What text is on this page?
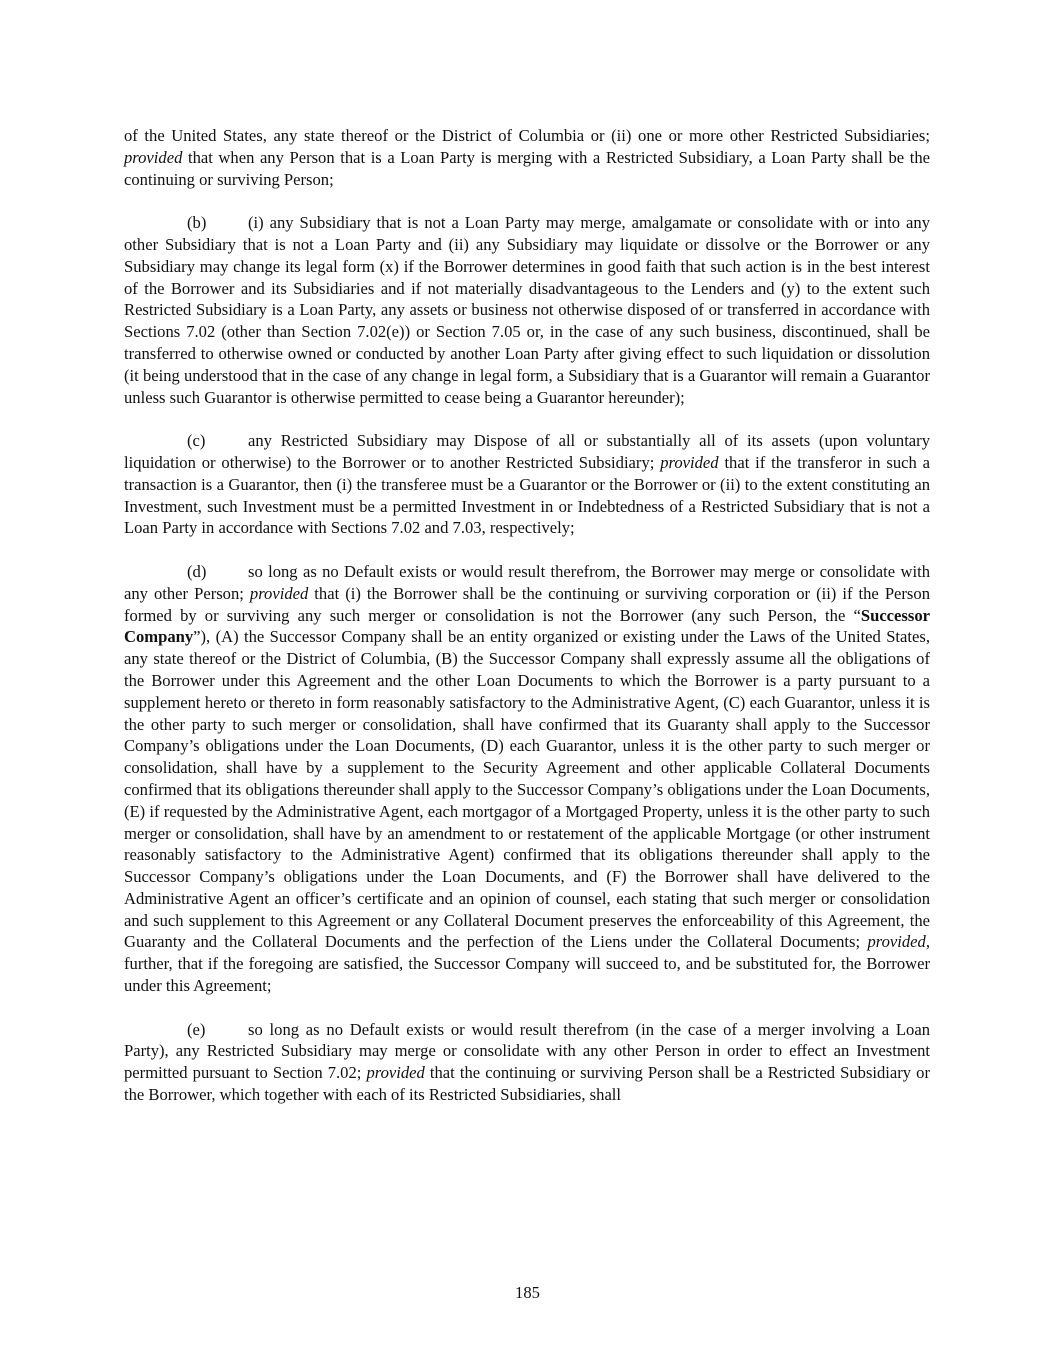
of the United States, any state thereof or the District of Columbia or (ii) one or more other Restricted Subsidiaries; provided that when any Person that is a Loan Party is merging with a Restricted Subsidiary, a Loan Party shall be the continuing or surviving Person;

(b)	(i) any Subsidiary that is not a Loan Party may merge, amalgamate or consolidate with or into any other Subsidiary that is not a Loan Party and (ii) any Subsidiary may liquidate or dissolve or the Borrower or any Subsidiary may change its legal form (x) if the Borrower determines in good faith that such action is in the best interest of the Borrower and its Subsidiaries and if not materially disadvantageous to the Lenders and (y) to the extent such Restricted Subsidiary is a Loan Party, any assets or business not otherwise disposed of or transferred in accordance with Sections 7.02 (other than Section 7.02(e)) or Section 7.05 or, in the case of any such business, discontinued, shall be transferred to otherwise owned or conducted by another Loan Party after giving effect to such liquidation or dissolution (it being understood that in the case of any change in legal form, a Subsidiary that is a Guarantor will remain a Guarantor unless such Guarantor is otherwise permitted to cease being a Guarantor hereunder);

(c)	any Restricted Subsidiary may Dispose of all or substantially all of its assets (upon voluntary liquidation or otherwise) to the Borrower or to another Restricted Subsidiary; provided that if the transferor in such a transaction is a Guarantor, then (i) the transferee must be a Guarantor or the Borrower or (ii) to the extent constituting an Investment, such Investment must be a permitted Investment in or Indebtedness of a Restricted Subsidiary that is not a Loan Party in accordance with Sections 7.02 and 7.03, respectively;

(d)	so long as no Default exists or would result therefrom, the Borrower may merge or consolidate with any other Person; provided that (i) the Borrower shall be the continuing or surviving corporation or (ii) if the Person formed by or surviving any such merger or consolidation is not the Borrower (any such Person, the “Successor Company”), (A) the Successor Company shall be an entity organized or existing under the Laws of the United States, any state thereof or the District of Columbia, (B) the Successor Company shall expressly assume all the obligations of the Borrower under this Agreement and the other Loan Documents to which the Borrower is a party pursuant to a supplement hereto or thereto in form reasonably satisfactory to the Administrative Agent, (C) each Guarantor, unless it is the other party to such merger or consolidation, shall have confirmed that its Guaranty shall apply to the Successor Company’s obligations under the Loan Documents, (D) each Guarantor, unless it is the other party to such merger or consolidation, shall have by a supplement to the Security Agreement and other applicable Collateral Documents confirmed that its obligations thereunder shall apply to the Successor Company’s obligations under the Loan Documents, (E) if requested by the Administrative Agent, each mortgagor of a Mortgaged Property, unless it is the other party to such merger or consolidation, shall have by an amendment to or restatement of the applicable Mortgage (or other instrument reasonably satisfactory to the Administrative Agent) confirmed that its obligations thereunder shall apply to the Successor Company’s obligations under the Loan Documents, and (F) the Borrower shall have delivered to the Administrative Agent an officer’s certificate and an opinion of counsel, each stating that such merger or consolidation and such supplement to this Agreement or any Collateral Document preserves the enforceability of this Agreement, the Guaranty and the Collateral Documents and the perfection of the Liens under the Collateral Documents; provided, further, that if the foregoing are satisfied, the Successor Company will succeed to, and be substituted for, the Borrower under this Agreement;

(e)	so long as no Default exists or would result therefrom (in the case of a merger involving a Loan Party), any Restricted Subsidiary may merge or consolidate with any other Person in order to effect an Investment permitted pursuant to Section 7.02; provided that the continuing or surviving Person shall be a Restricted Subsidiary or the Borrower, which together with each of its Restricted Subsidiaries, shall

185
